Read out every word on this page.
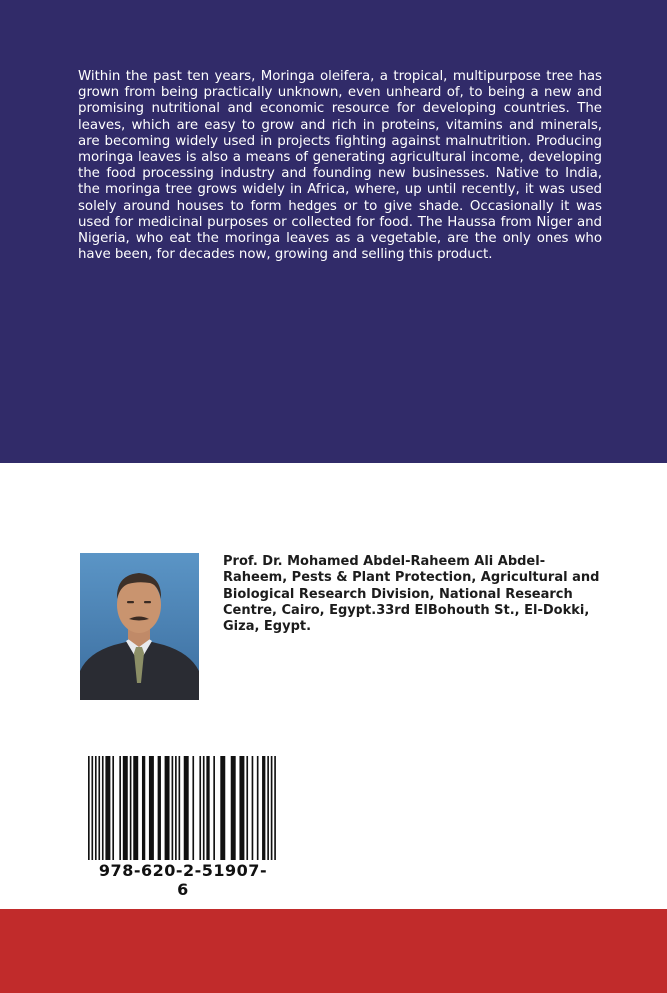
Within the past ten years, Moringa oleifera, a tropical, multipurpose tree has grown from being practically unknown, even unheard of, to being a new and promising nutritional and economic resource for developing countries. The leaves, which are easy to grow and rich in proteins, vitamins and minerals, are becoming widely used in projects fighting against malnutrition. Producing moringa leaves is also a means of generating agricultural income, developing the food processing industry and founding new businesses. Native to India, the moringa tree grows widely in Africa, where, up until recently, it was used solely around houses to form hedges or to give shade. Occasionally it was used for medicinal purposes or collected for food. The Haussa from Niger and Nigeria, who eat the moringa leaves as a vegetable, are the only ones who have been, for decades now, growing and selling this product.

Prof. Dr. Mohamed Abdel-Raheem Ali Abdel-Raheem, Pests & Plant Protection, Agricultural and Biological Research Division, National Research Centre, Cairo, Egypt.33rd ElBohouth St., El-Dokki, Giza, Egypt.

978-620-2-51907-6
